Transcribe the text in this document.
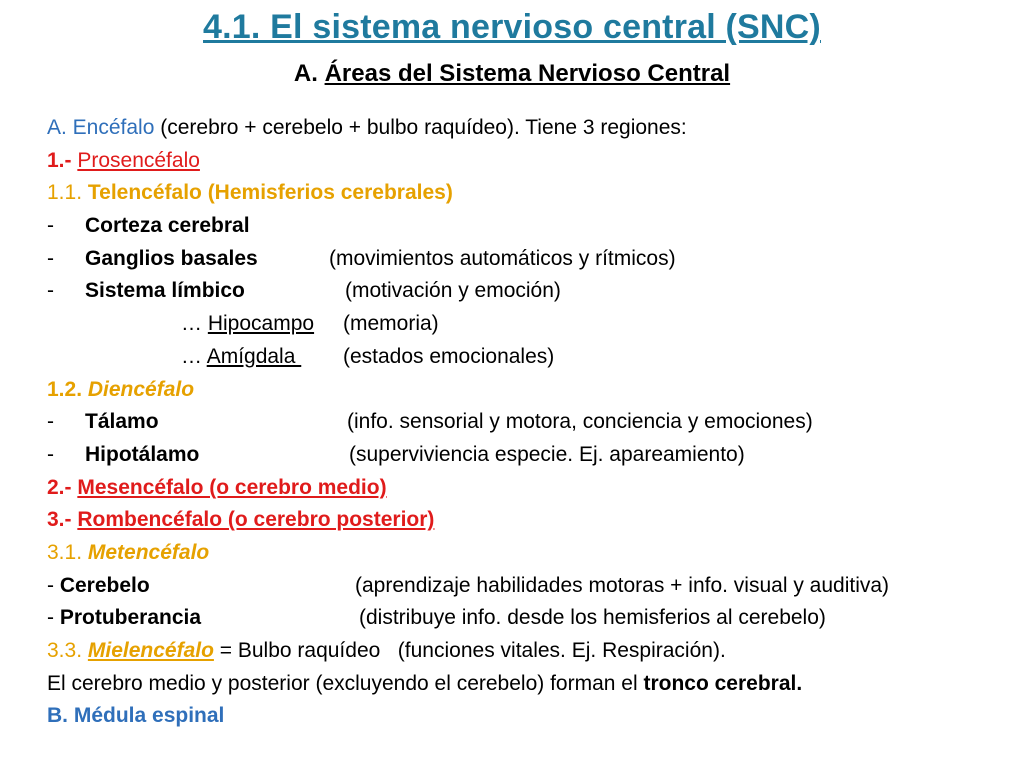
4.1. El sistema nervioso central (SNC)
A. Áreas del Sistema Nervioso Central
A. Encéfalo (cerebro + cerebelo + bulbo raquídeo). Tiene 3 regiones:
1.- Prosencéfalo
1.1. Telencéfalo (Hemisferios cerebrales)
- Corteza cerebral
- Ganglios basales	(movimientos automáticos y rítmicos)
- Sistema límbico	(motivación y emoción)
… Hipocampo (memoria)
… Amígdala (estados emocionales)
1.2. Diencéfalo
- Tálamo	(info. sensorial y motora, conciencia y emociones)
- Hipotálamo	(superviviencia especie. Ej. apareamiento)
2.- Mesencéfalo (o cerebro medio)
3.- Rombencéfalo (o cerebro posterior)
3.1. Metencéfalo
- Cerebelo	(aprendizaje habilidades motoras + info. visual y auditiva)
- Protuberancia	(distribuye info. desde los hemisferios al cerebelo)
3.3. Mielencéfalo = Bulbo raquídeo   (funciones vitales. Ej. Respiración).
El cerebro medio y posterior (excluyendo el cerebelo) forman el tronco cerebral.
B. Médula espinal
